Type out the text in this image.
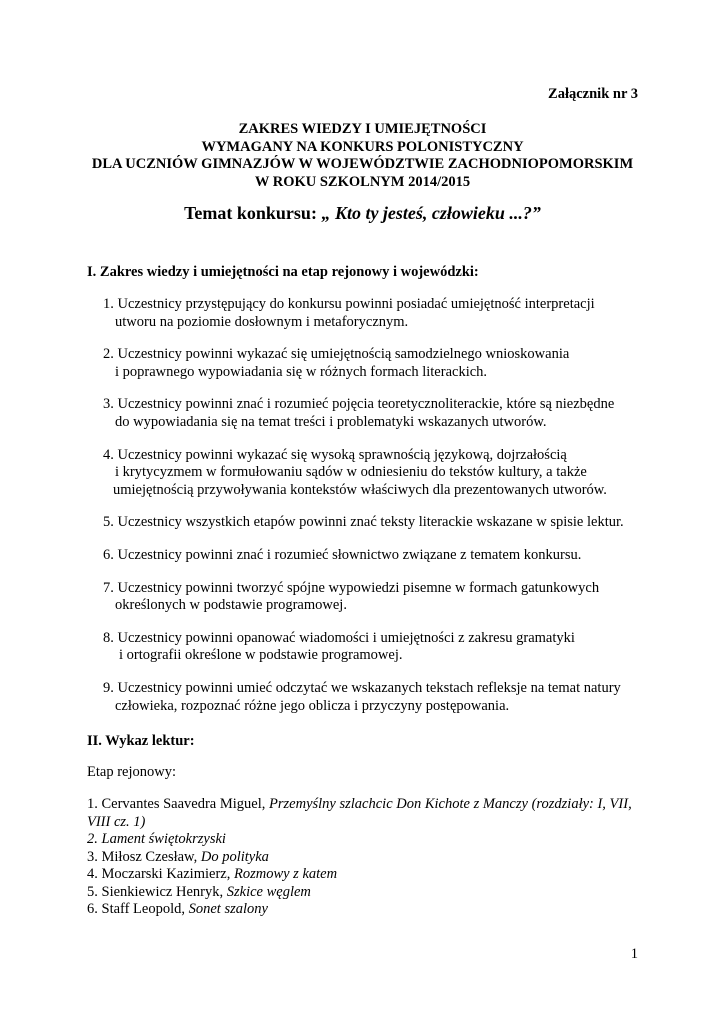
Załącznik nr 3
ZAKRES WIEDZY I UMIEJĘTNOŚCI
WYMAGANY NA KONKURS POLONISTYCZNY
DLA UCZNIÓW GIMNAZJÓW W WOJEWÓDZTWIE ZACHODNIOPOMORSKIM
W ROKU SZKOLNYM 2014/2015
Temat konkursu: „ Kto ty jesteś, człowieku ...?”
I. Zakres wiedzy i umiejętności na etap rejonowy i wojewódzki:
1. Uczestnicy przystępujący do konkursu powinni posiadać umiejętność interpretacji
utworu na poziomie dosłownym i metaforycznym.
2. Uczestnicy powinni wykazać się umiejętnością samodzielnego wnioskowania
i poprawnego wypowiadania się w różnych formach literackich.
3. Uczestnicy powinni znać i rozumieć pojęcia teoretycznoliterackie, które są niezbędne
do wypowiadania się na temat treści i problematyki wskazanych utworów.
4. Uczestnicy powinni wykazać się wysoką sprawnością językową, dojrzałością
i krytycyzmem w formułowaniu sądów w odniesieniu do tekstów kultury, a także
umiejętnością przywoływania kontekstów właściwych dla prezentowanych utworów.
5. Uczestnicy wszystkich etapów powinni znać teksty literackie wskazane w spisie lektur.
6. Uczestnicy powinni znać i rozumieć słownictwo związane z tematem konkursu.
7. Uczestnicy powinni tworzyć spójne wypowiedzi pisemne w formach gatunkowych
określonych w podstawie programowej.
8. Uczestnicy powinni opanować wiadomości i umiejętności z zakresu gramatyki
i ortografii określone w podstawie programowej.
9. Uczestnicy powinni umieć odczytać we wskazanych tekstach refleksje na temat natury
człowieka, rozpoznać różne jego oblicza i przyczyny postępowania.
II. Wykaz lektur:
Etap rejonowy:
1. Cervantes Saavedra Miguel, Przemyślny szlachcic Don Kichote z Manczy (rozdziały: I, VII, VIII cz. 1)
2. Lament świętokrzyski
3. Miłosz Czesław, Do polityka
4. Moczarski Kazimierz, Rozmowy z katem
5. Sienkiewicz Henryk, Szkice węglem
6. Staff Leopold, Sonet szalony
1
